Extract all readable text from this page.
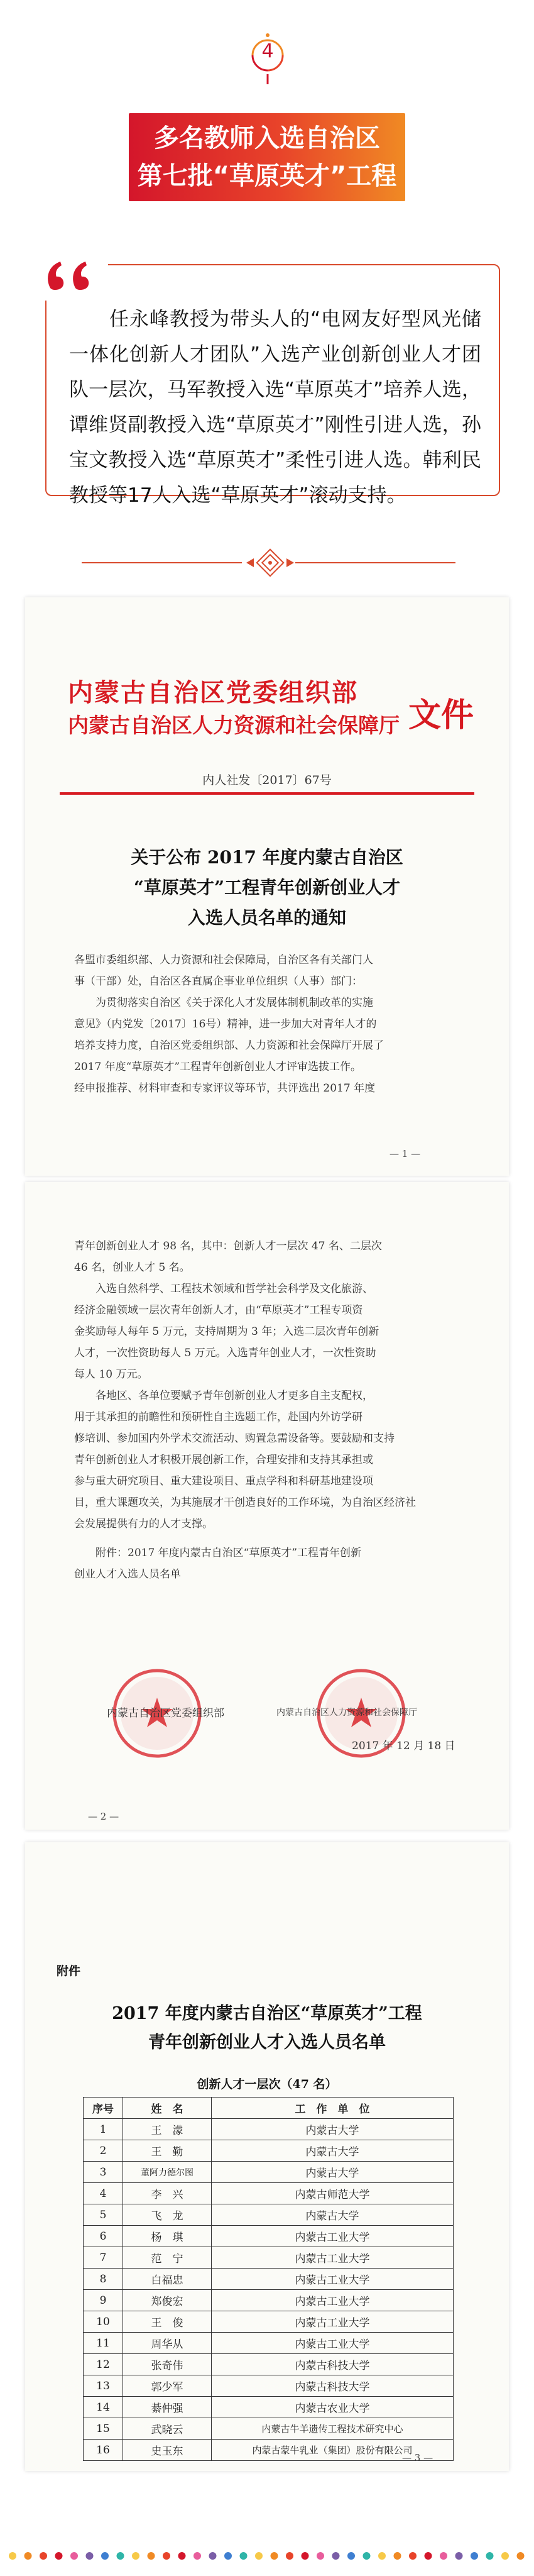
4
多名教师入选自治区
第七批“草原英才”工程
任永峰教授为带头人的“电网友好型风光储一体化创新人才团队”入选产业创新创业人才团队一层次，马军教授入选“草原英才”培养人选，谭维贤副教授入选“草原英才”刚性引进人选，孙宝文教授入选“草原英才”柔性引进人选。韩利民教授等17人入选“草原英才”滚动支持。
内蒙古自治区党委组织部
内蒙古自治区人力资源和社会保障厅 文件
内人社发〔2017〕67号
关于公布 2017 年度内蒙古自治区
“草原英才”工程青年创新创业人才
入选人员名单的通知
各盟市委组织部、人力资源和社会保障局，自治区各有关部门人
事（干部）处，自治区各直属企事业单位组织（人事）部门：
　　为贯彻落实自治区《关于深化人才发展体制机制改革的实施
意见》（内党发〔2017〕16号）精神，进一步加大对青年人才的
培养支持力度，自治区党委组织部、人力资源和社会保障厅开展了
2017 年度“草原英才”工程青年创新创业人才评审选拔工作。
经申报推荐、材料审查和专家评议等环节，共评选出 2017 年度
— 1 —
青年创新创业人才 98 名，其中：创新人才一层次 47 名、二层次
46 名，创业人才 5 名。
　　入选自然科学、工程技术领域和哲学社会科学及文化旅游、
经济金融领域一层次青年创新人才，由“草原英才”工程专项资
金奖励每人每年 5 万元，支持周期为 3 年；入选二层次青年创新
人才，一次性资助每人 5 万元。入选青年创业人才，一次性资助
每人 10 万元。
　　各地区、各单位要赋予青年创新创业人才更多自主支配权，
用于其承担的前瞻性和预研性自主选题工作，赴国内外访学研
修培训、参加国内外学术交流活动、购置急需设备等。要鼓励和支持
青年创新创业人才积极开展创新工作，合理安排和支持其承担或
参与重大研究项目、重大建设项目、重点学科和科研基地建设项
目，重大课题攻关，为其施展才干创造良好的工作环境，为自治区经济社
会发展提供有力的人才支撑。
　　附件：2017 年度内蒙古自治区“草原英才”工程青年创新
创业人才入选人员名单
内蒙古自治区党委组织部	内蒙古自治区人力资源和社会保障厅
2017 年 12 月 18 日
— 2 —
附件
2017 年度内蒙古自治区“草原英才”工程
青年创新创业人才入选人员名单
创新人才一层次（47 名）
序号	姓　名	工　作　单　位
1	王　濛	内蒙古大学
2	王　勤	内蒙古大学
3	董阿力德尔图	内蒙古大学
4	李　兴	内蒙古师范大学
5	飞　龙	内蒙古大学
6	杨　琪	内蒙古工业大学
7	范　宁	内蒙古工业大学
8	白福忠	内蒙古工业大学
9	郑俊宏	内蒙古工业大学
10	王　俊	内蒙古工业大学
11	周华从	内蒙古工业大学
12	张奇伟	内蒙古科技大学
13	郭少军	内蒙古科技大学
14	綦仲强	内蒙古农业大学
15	武晓云	内蒙古牛羊遗传工程技术研究中心
16	史玉东	内蒙古蒙牛乳业（集团）股份有限公司
— 3 —
